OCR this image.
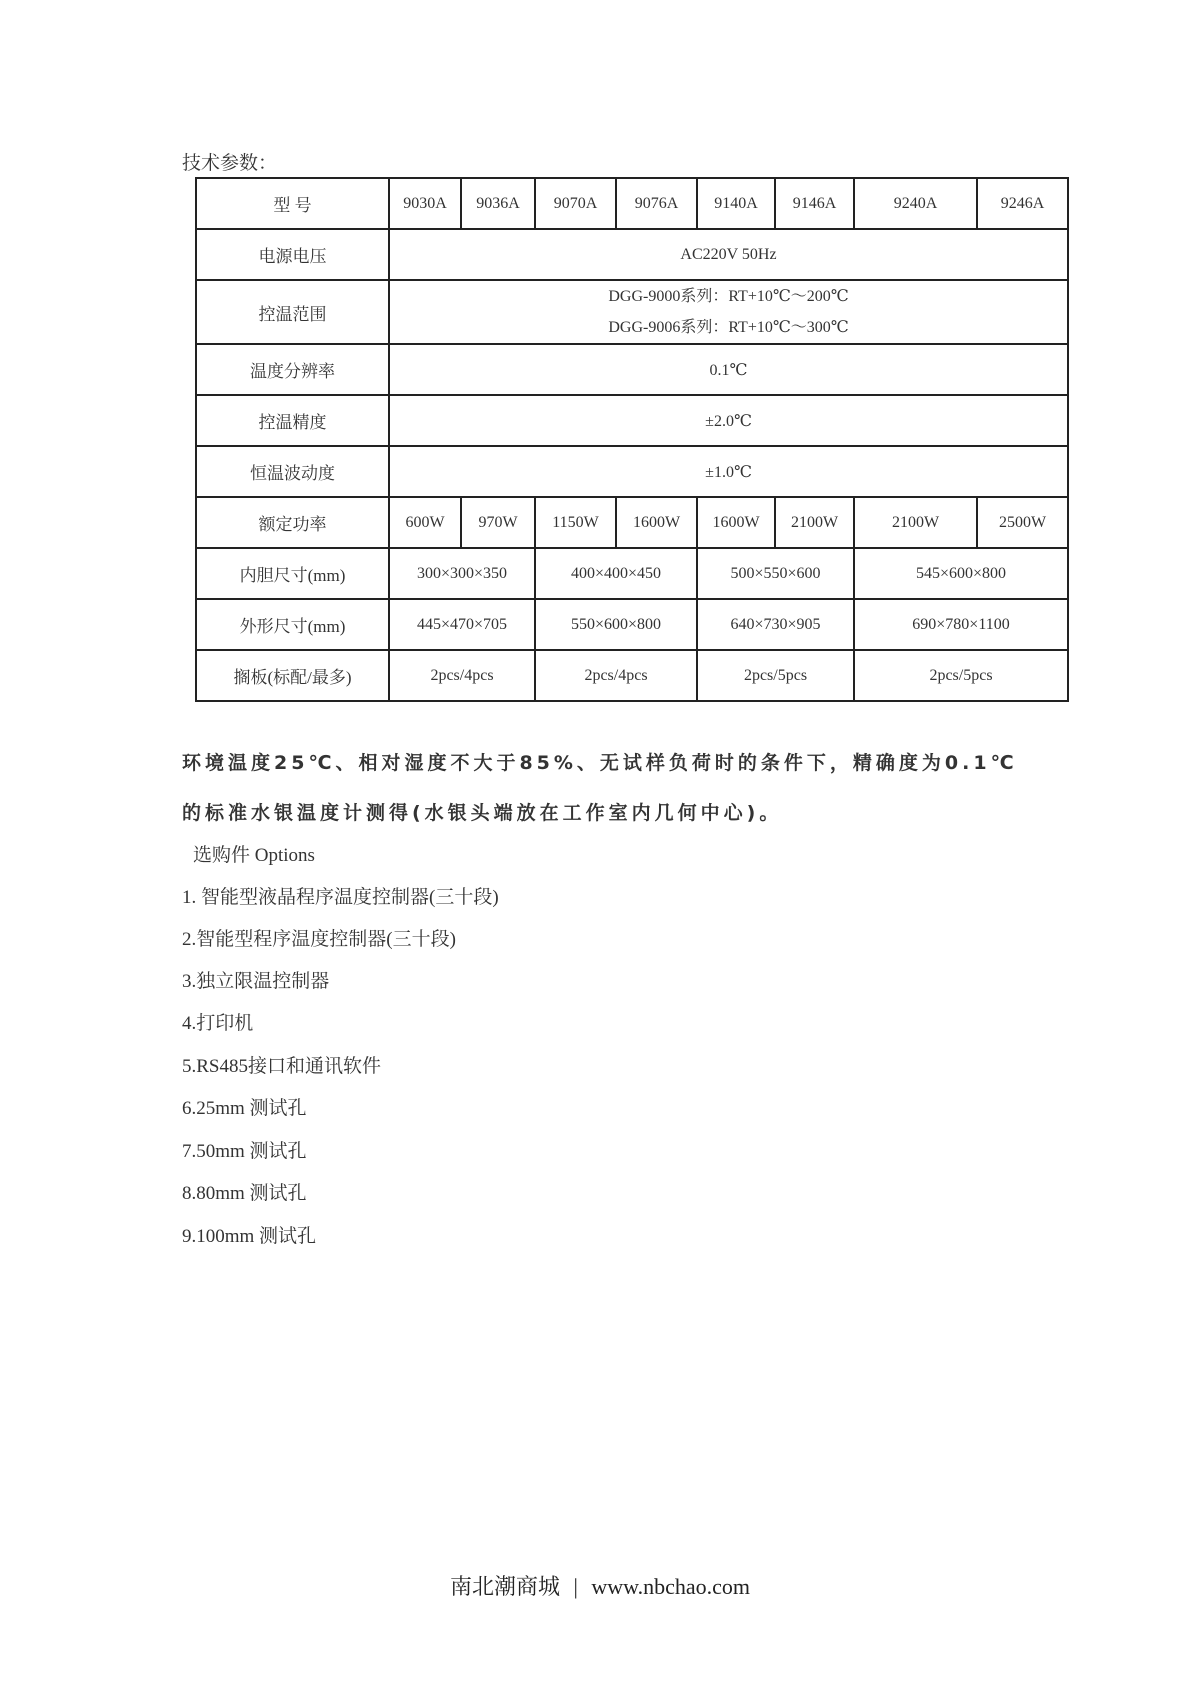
技术参数：
型 号	9030A	9036A	9070A	9076A	9140A	9146A	9240A	9246A
电源电压	AC220V 50Hz							
控温范围	DGG-9000系列：RT+10℃～200℃
DGG-9006系列：RT+10℃～300℃							

温度分辨率	0.1℃							
控温精度	±2.0℃							
恒温波动度	±1.0℃							
额定功率	600W	970W	1150W	1600W	1600W	2100W	2100W	2500W
内胆尺寸(mm)	300×300×350		400×400×450		500×550×600		545×600×800	
外形尺寸(mm)	445×470×705		550×600×800		640×730×905		690×780×1100	
搁板(标配/最多)	2pcs/4pcs		2pcs/4pcs		2pcs/5pcs		2pcs/5pcs	
环境温度25℃、相对湿度不大于85%、无试样负荷时的条件下，精确度为0.1℃
的标准水银温度计测得(水银头端放在工作室内几何中心)。
选购件 Options
1. 智能型液晶程序温度控制器(三十段)
2.智能型程序温度控制器(三十段)
3.独立限温控制器
4.打印机
5.RS485接口和通讯软件
6.25mm 测试孔
7.50mm 测试孔
8.80mm 测试孔
9.100mm 测试孔
南北潮商城 | www.nbchao.com
